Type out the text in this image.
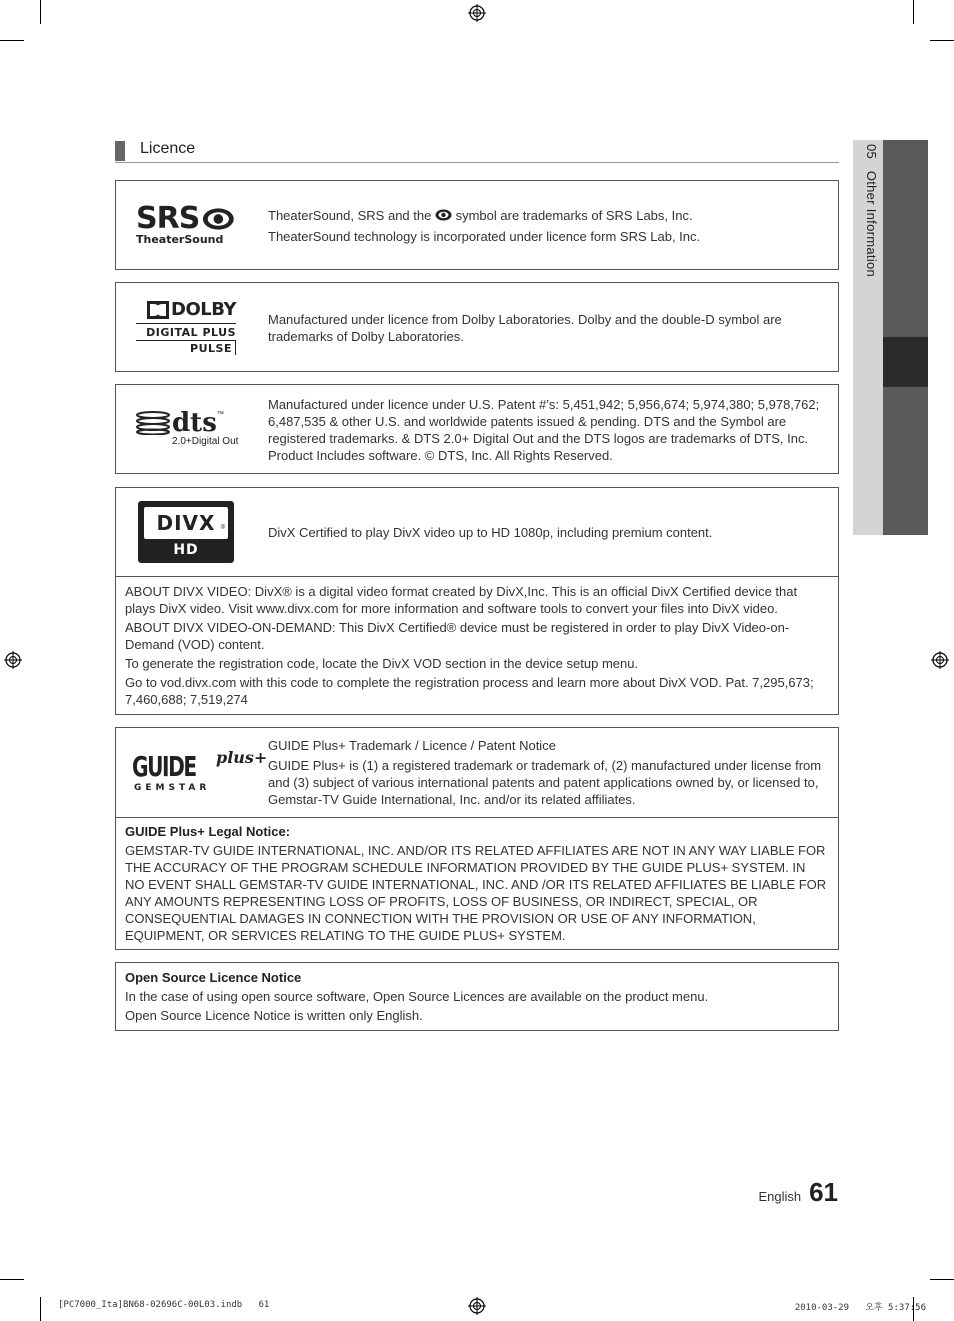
Licence	05   Other Information
SRS
TheaterSound

TheaterSound, SRS and the symbol are trademarks of SRS Labs, Inc.

TheaterSound technology is incorporated under licence form SRS Lab, Inc.

DOLBY
DIGITAL PLUS
PULSE
Manufactured under licence from Dolby Laboratories. Dolby and the double-D symbol are trademarks of Dolby Laboratories.
dts ™
2.0+Digital Out
Manufactured under licence under U.S. Patent #’s: 5,451,942; 5,956,674; 5,974,380; 5,978,762; 6,487,535 & other U.S. and worldwide patents issued & pending. DTS and the Symbol are registered trademarks. & DTS 2.0+ Digital Out and the DTS logos are trademarks of DTS, Inc. Product Includes software. © DTS, Inc. All Rights Reserved.
DIVX ®
HD
DivX Certified to play DivX video up to HD 1080p, including premium content.

ABOUT DIVX VIDEO: DivX® is a digital video format created by DivX,Inc. This is an official DivX Certified device that plays DivX video. Visit www.divx.com for more information and software tools to convert your files into DivX video.

ABOUT DIVX VIDEO-ON-DEMAND: This DivX Certified® device must be registered in order to play DivX Video-on-Demand (VOD) content.

To generate the registration code, locate the DivX VOD section in the device setup menu.

Go to vod.divx.com with this code to complete the registration process and learn more about DivX VOD. Pat. 7,295,673; 7,460,688; 7,519,274

GUIDE plus+
GEMSTAR

GUIDE Plus+ Trademark / Licence / Patent Notice

GUIDE Plus+ is (1) a registered trademark or trademark of, (2) manufactured under license from and (3) subject of various international patents and patent applications owned by, or licensed to, Gemstar-TV Guide International, Inc. and/or its related affiliates.

GUIDE Plus+ Legal Notice:

GEMSTAR-TV GUIDE INTERNATIONAL, INC. AND/OR ITS RELATED AFFILIATES ARE NOT IN ANY WAY LIABLE FOR THE ACCURACY OF THE PROGRAM SCHEDULE INFORMATION PROVIDED BY THE GUIDE PLUS+ SYSTEM. IN NO EVENT SHALL GEMSTAR-TV GUIDE INTERNATIONAL, INC. AND /OR ITS RELATED AFFILIATES BE LIABLE FOR ANY AMOUNTS REPRESENTING LOSS OF PROFITS, LOSS OF BUSINESS, OR INDIRECT, SPECIAL, OR CONSEQUENTIAL DAMAGES IN CONNECTION WITH THE PROVISION OR USE OF ANY INFORMATION, EQUIPMENT, OR SERVICES RELATING TO THE GUIDE PLUS+ SYSTEM.

Open Source Licence Notice

In the case of using open source software, Open Source Licences are available on the product menu.

Open Source Licence Notice is written only English.

English 61
[PC7000_Ita]BN68-02696C-00L03.indb   61	2010-03-29   오후 5:37:56
